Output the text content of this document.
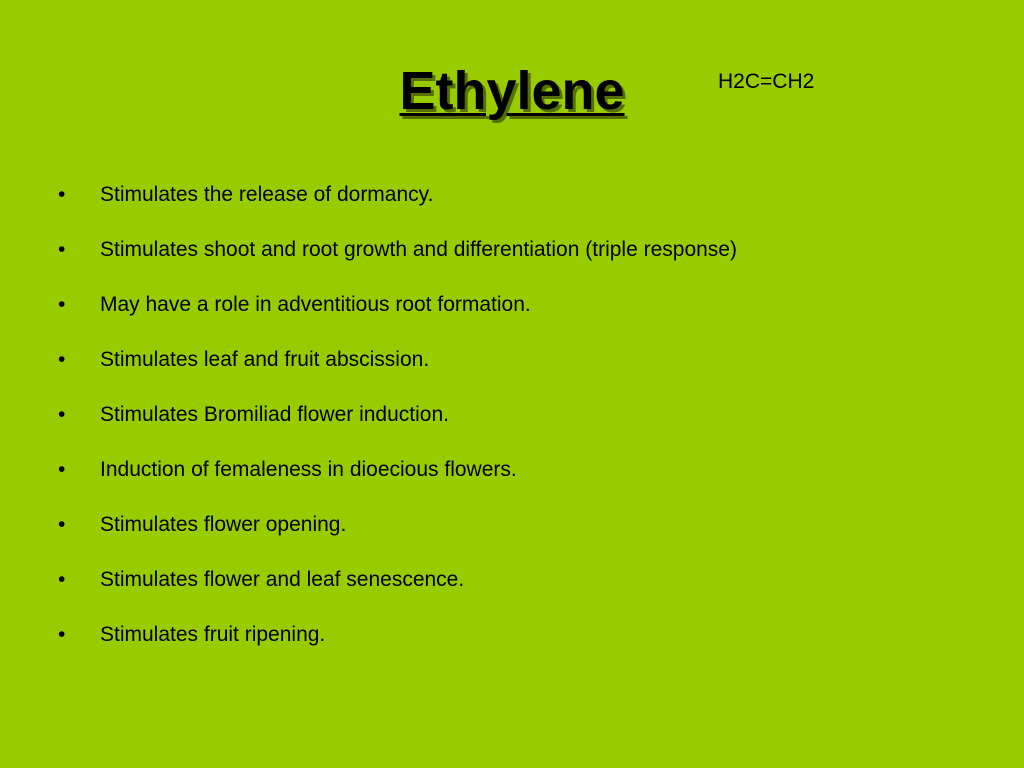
Ethylene	H2C=CH2

• Stimulates the release of dormancy.
• Stimulates shoot and root growth and differentiation (triple response)
• May have a role in adventitious root formation.
• Stimulates leaf and fruit abscission.
• Stimulates Bromiliad flower induction.
• Induction of femaleness in dioecious flowers.
• Stimulates flower opening.
• Stimulates flower and leaf senescence.
• Stimulates fruit ripening.
